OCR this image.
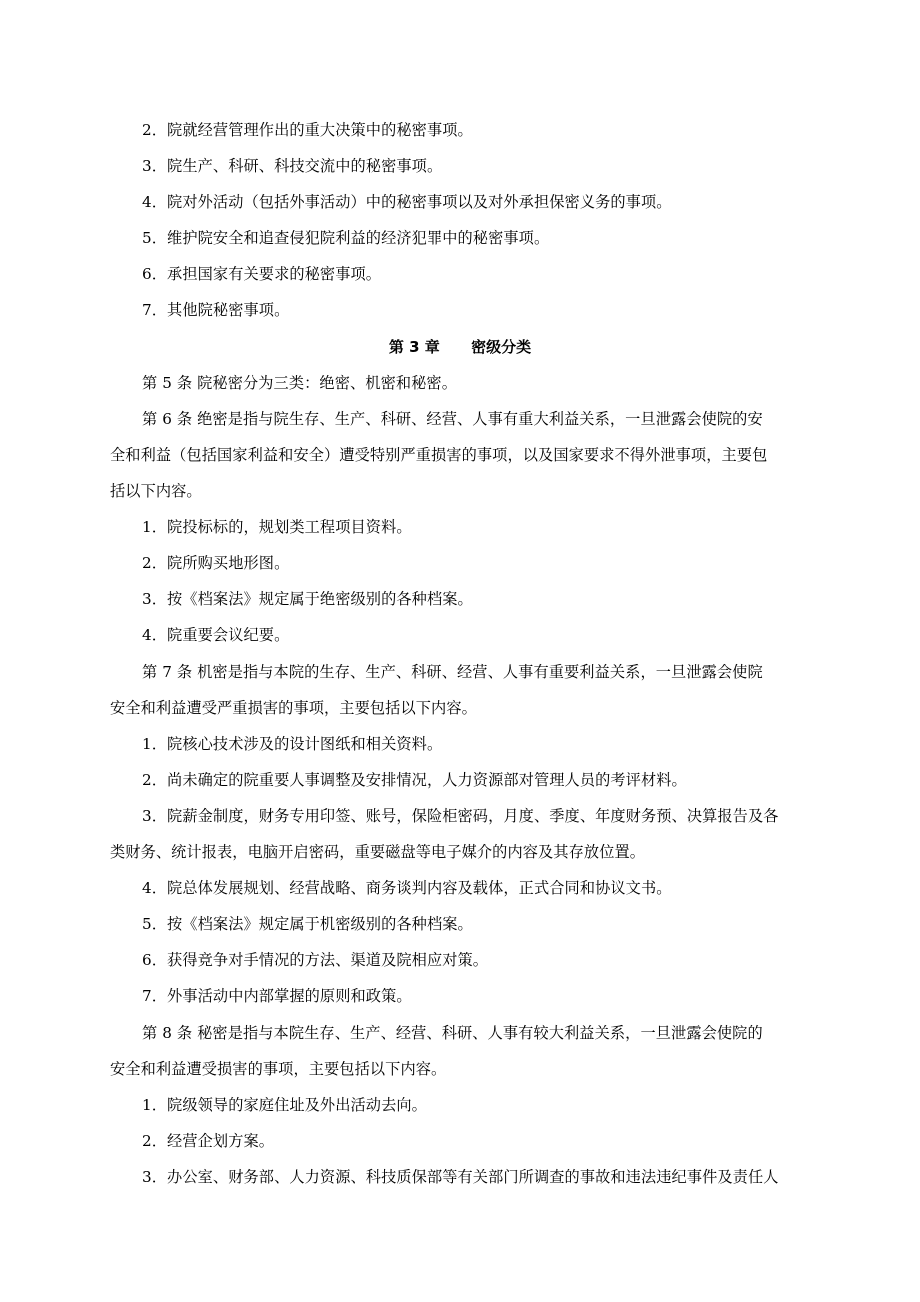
2．院就经营管理作出的重大决策中的秘密事项。
3．院生产、科研、科技交流中的秘密事项。
4．院对外活动（包括外事活动）中的秘密事项以及对外承担保密义务的事项。
5．维护院安全和追查侵犯院利益的经济犯罪中的秘密事项。
6．承担国家有关要求的秘密事项。
7．其他院秘密事项。
第 3 章      密级分类
第 5 条 院秘密分为三类：绝密、机密和秘密。
第 6 条 绝密是指与院生存、生产、科研、经营、人事有重大利益关系，一旦泄露会使院的安
全和利益（包括国家利益和安全）遭受特别严重损害的事项，以及国家要求不得外泄事项，主要包
括以下内容。
1．院投标标的，规划类工程项目资料。
2．院所购买地形图。
3．按《档案法》规定属于绝密级别的各种档案。
4．院重要会议纪要。
第 7 条 机密是指与本院的生存、生产、科研、经营、人事有重要利益关系，一旦泄露会使院
安全和利益遭受严重损害的事项，主要包括以下内容。
1．院核心技术涉及的设计图纸和相关资料。
2．尚未确定的院重要人事调整及安排情况，人力资源部对管理人员的考评材料。
3．院薪金制度，财务专用印签、账号，保险柜密码，月度、季度、年度财务预、决算报告及各
类财务、统计报表，电脑开启密码，重要磁盘等电子媒介的内容及其存放位置。
4．院总体发展规划、经营战略、商务谈判内容及载体，正式合同和协议文书。
5．按《档案法》规定属于机密级别的各种档案。
6．获得竞争对手情况的方法、渠道及院相应对策。
7．外事活动中内部掌握的原则和政策。
第 8 条 秘密是指与本院生存、生产、经营、科研、人事有较大利益关系，一旦泄露会使院的
安全和利益遭受损害的事项，主要包括以下内容。
1．院级领导的家庭住址及外出活动去向。
2．经营企划方案。
3．办公室、财务部、人力资源、科技质保部等有关部门所调查的事故和违法违纪事件及责任人
